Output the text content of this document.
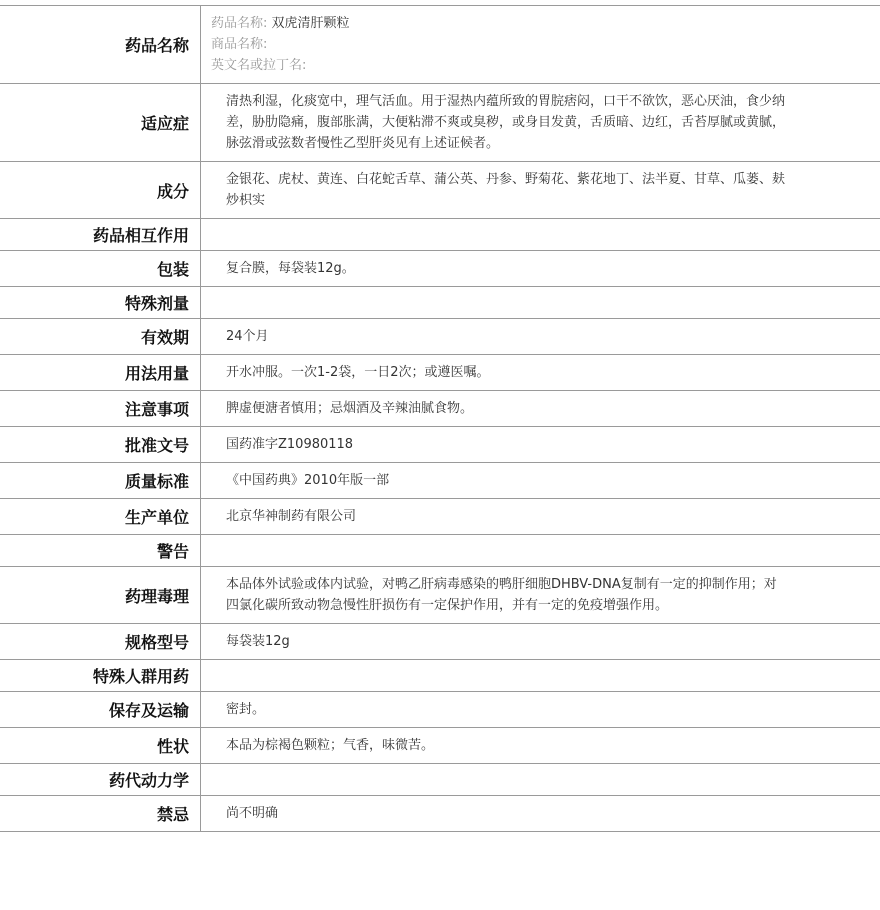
药品名称	药品名称: 双虎清肝颗粒
商品名称:
英文名或拉丁名:

适应症	清热利湿，化痰宽中，理气活血。用于湿热内蕴所致的胃脘痞闷，口干不欲饮，恶心厌油，食少纳差，胁肋隐痛，腹部胀满，大便粘滞不爽或臭秽，或身目发黄，舌质暗、边红，舌苔厚腻或黄腻，脉弦滑或弦数者慢性乙型肝炎见有上述证候者。
成分	金银花、虎杖、黄连、白花蛇舌草、蒲公英、丹参、野菊花、紫花地丁、法半夏、甘草、瓜蒌、麸炒枳实
药品相互作用	
包装	复合膜，每袋装12g。
特殊剂量	
有效期	24个月
用法用量	开水冲服。一次1-2袋，一日2次；或遵医嘱。
注意事项	脾虚便溏者慎用；忌烟酒及辛辣油腻食物。
批准文号	国药准字Z10980118
质量标准	《中国药典》2010年版一部
生产单位	北京华神制药有限公司
警告	
药理毒理	本品体外试验或体内试验，对鸭乙肝病毒感染的鸭肝细胞DHBV-DNA复制有一定的抑制作用；对四氯化碳所致动物急慢性肝损伤有一定保护作用，并有一定的免疫增强作用。
规格型号	每袋装12g
特殊人群用药	
保存及运输	密封。
性状	本品为棕褐色颗粒；气香，味微苦。
药代动力学	
禁忌	尚不明确
